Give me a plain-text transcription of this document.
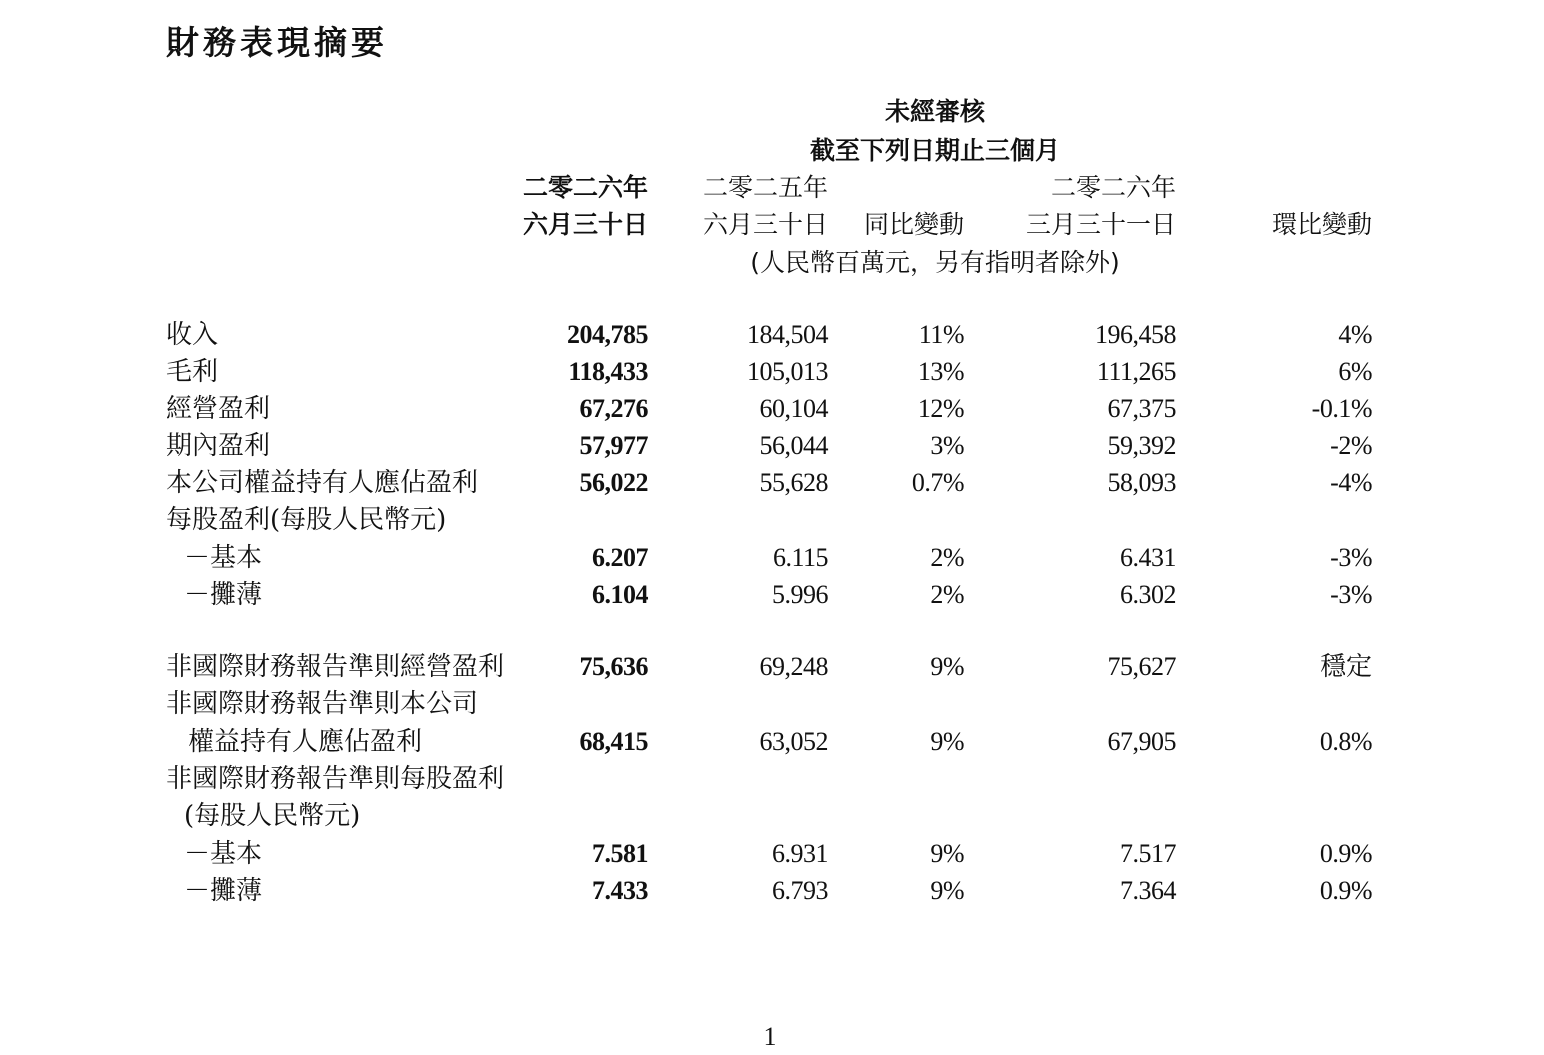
財務表現摘要
未經審核
截至下列日期止三個月
二零二六年
六月三十日
二零二五年
六月三十日	同比變動
二零二六年
三月三十一日	環比變動
(人民幣百萬元，另有指明者除外)
收入	204,785	184,504	11%	196,458	4%
毛利	118,433	105,013	13%	111,265	6%
經營盈利	67,276	60,104	12%	67,375	-0.1%
期內盈利	57,977	56,044	3%	59,392	-2%
本公司權益持有人應佔盈利	56,022	55,628	0.7%	58,093	-4%
每股盈利(每股人民幣元)
－基本	6.207	6.115	2%	6.431	-3%
－攤薄	6.104	5.996	2%	6.302	-3%
非國際財務報告準則經營盈利	75,636	69,248	9%	75,627	穩定
非國際財務報告準則本公司
權益持有人應佔盈利	68,415	63,052	9%	67,905	0.8%
非國際財務報告準則每股盈利
(每股人民幣元)
－基本	7.581	6.931	9%	7.517	0.9%
－攤薄	7.433	6.793	9%	7.364	0.9%
1
